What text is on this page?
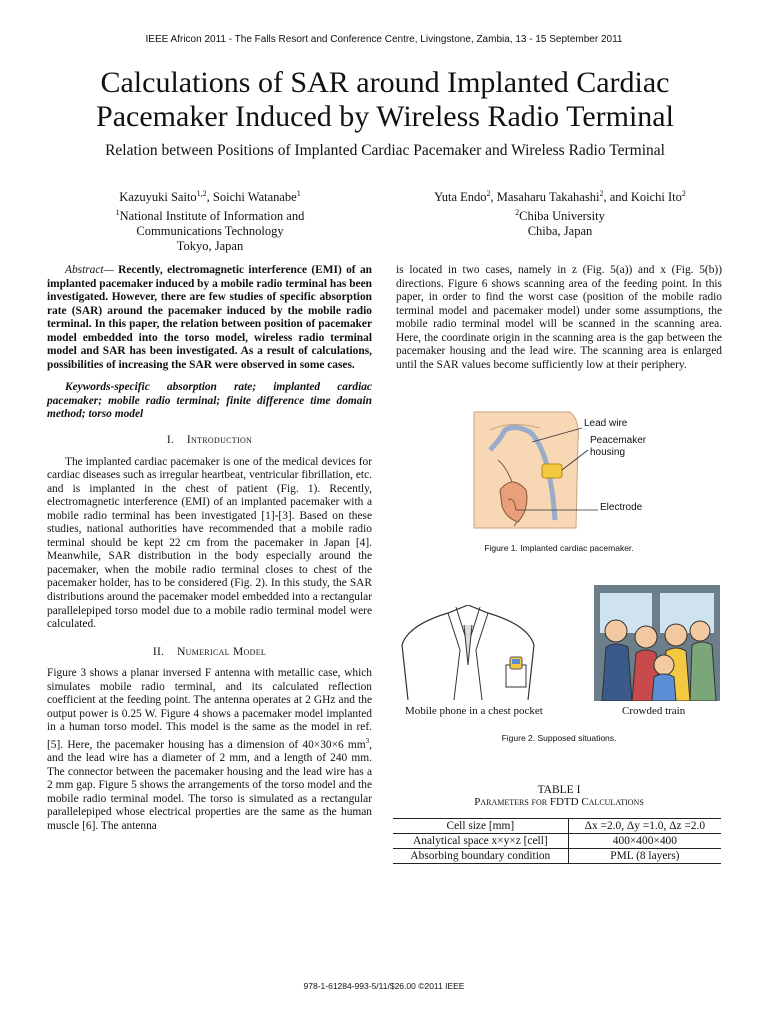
IEEE Africon 2011 - The Falls Resort and Conference Centre, Livingstone, Zambia, 13 - 15 September 2011
Calculations of SAR around Implanted Cardiac
Pacemaker Induced by Wireless Radio Terminal
Relation between Positions of Implanted Cardiac Pacemaker and Wireless Radio Terminal
Kazuyuki Saito$^{1,2}$, Soichi Watanabe$^1$
$^1$National Institute of Information and
Communications Technology
Tokyo, Japan
Yuta Endo$^2$, Masaharu Takahashi$^2$, and Koichi Ito$^2$
$^2$Chiba University
Chiba, Japan

Abstract— Recently, electromagnetic interference (EMI) of an implanted pacemaker induced by a mobile radio terminal has been investigated. However, there are few studies of specific absorption rate (SAR) around the pacemaker induced by the mobile radio terminal. In this paper, the relation between position of pacemaker model embedded into the torso model, wireless radio terminal model and SAR has been investigated. As a result of calculations, possibilities of increasing the SAR were observed in some cases.

Keywords-specific absorption rate; implanted cardiac pacemaker; mobile radio terminal; finite difference time domain method; torso model

I. Introduction

The implanted cardiac pacemaker is one of the medical devices for cardiac diseases such as irregular heartbeat, ventricular fibrillation, etc. and is implanted in the chest of patient (Fig. 1). Recently, electromagnetic interference (EMI) of an implanted pacemaker with a mobile radio terminal has been investigated [1]-[3]. Based on these studies, national authorities have recommended that a mobile radio terminal should be kept 22 cm from the pacemaker in Japan [4]. Meanwhile, SAR distribution in the body especially around the pacemaker, when the mobile radio terminal closes to chest of the pacemaker holder, has to be considered (Fig. 2). In this study, the SAR distributions around the pacemaker model embedded into a rectangular parallelepiped torso model due to a mobile radio terminal model were calculated.

II. Numerical Model

Figure 3 shows a planar inversed F antenna with metallic case, which simulates mobile radio terminal, and its calculated reflection coefficient at the feeding point. The antenna operates at 2 GHz and the output power is 0.25 W. Figure 4 shows a pacemaker model implanted in a human torso model. This model is the same as the model in ref. [5]. Here, the pacemaker housing has a dimension of 40×30×6 $mm^3$, and the lead wire has a diameter of 2 mm, and a length of 240 mm. The connector between the pacemaker housing and the lead wire has a 2 mm gap. Figure 5 shows the arrangements of the torso model and the mobile radio terminal model. The torso is simulated as a rectangular parallelepiped whose electrical properties are the same as the human muscle [6]. The antenna

is located in two cases, namely in z (Fig. 5(a)) and x (Fig. 5(b)) directions. Figure 6 shows scanning area of the feeding point. In this paper, in order to find the worst case (position of the mobile radio terminal model and pacemaker model) under some assumptions, the mobile radio terminal model will be scanned in the scanning area. Here, the coordinate origin in the scanning area is the gap between the pacemaker housing and the lead wire. The scanning area is enlarged until the SAR values become sufficiently low at their periphery.

Lead wire
Peacemaker
housing
Electrode
Figure 1. Implanted cardiac pacemaker.
Mobile phone in a chest pocket	Crowded train
Figure 2. Supposed situations.
TABLE I
Parameters for FDTD Calculations
Cell size [mm]	Δx =2.0, Δy =1.0, Δz =2.0
Analytical space x×y×z [cell]	400×400×400
Absorbing boundary condition	PML (8 layers)
978-1-61284-993-5/11/$26.00 ©2011 IEEE
